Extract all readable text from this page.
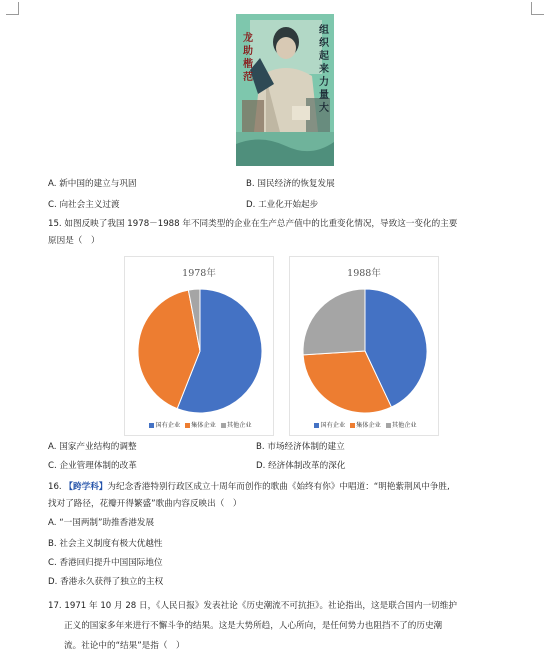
龙助楷范
组织起来力量大
A. 新中国的建立与巩固	B. 国民经济的恢复发展
C. 向社会主义过渡	D. 工业化开始起步
15. 如图反映了我国 1978－1988 年不同类型的企业在生产总产值中的比重变化情况，导致这一变化的主要
原因是（　）
1978年
国有企业 集体企业 其他企业
1988年
国有企业 集体企业 其他企业
A. 国家产业结构的调整	B. 市场经济体制的建立
C. 企业管理体制的改革	D. 经济体制改革的深化
16. 【跨学科】为纪念香港特别行政区成立十周年而创作的歌曲《始终有你》中唱道：“明艳紫荆风中争胜,
找对了路径，花瓣开得繁盛”歌曲内容反映出（　）
A. “一国两制”助推香港发展
B. 社会主义制度有极大优越性
C. 香港回归提升中国国际地位
D. 香港永久获得了独立的主权
17. 1971 年 10 月 28 日，《人民日报》发表社论《历史潮流不可抗拒》。社论指出，这是联合国内一切维护
正义的国家多年来进行不懈斗争的结果。这是大势所趋，人心所向，是任何势力也阻挡不了的历史潮
流。社论中的“结果”是指（　）
